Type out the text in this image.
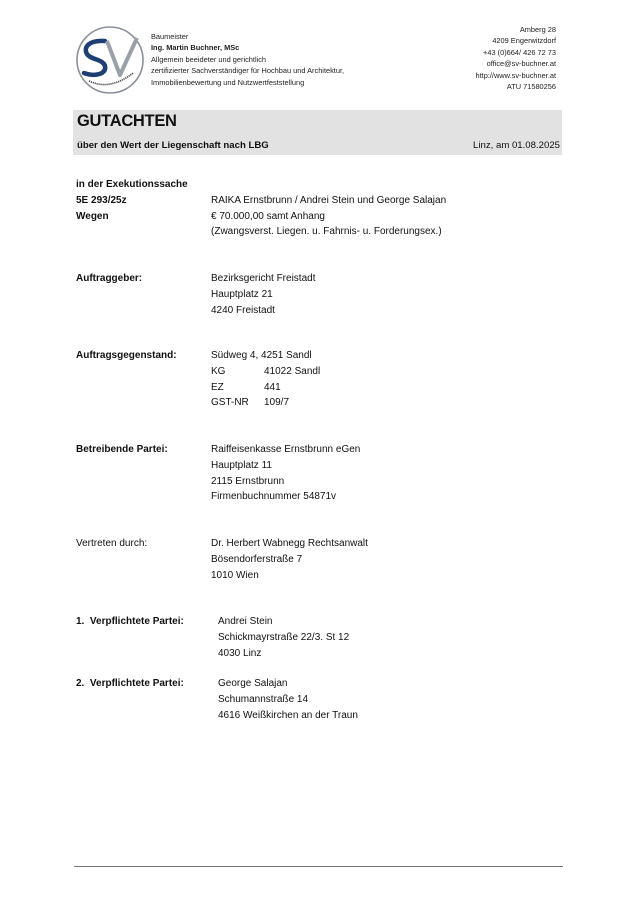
Baumeister
Ing. Martin Buchner, MSc
Allgemein beeideter und gerichtlich
zertifizierter Sachverständiger für Hochbau und Architektur,
Immobilienbewertung und Nutzwertfeststellung
Amberg 28
4209 Engerwitzdorf
+43 (0)664/ 426 72 73
office@sv-buchner.at
http://www.sv-buchner.at
ATU 71580256
GUTACHTEN
über den Wert der Liegenschaft nach LBG	Linz, am 01.08.2025
in der Exekutionssache
5E 293/25z	RAIKA Ernstbrunn / Andrei Stein und George Salajan
Wegen	€ 70.000,00 samt Anhang
(Zwangsverst. Liegen. u. Fahrnis- u. Forderungsex.)
Auftraggeber:	Bezirksgericht Freistadt
Hauptplatz 21
4240 Freistadt
Auftragsgegenstand:	Südweg 4, 4251 Sandl
KG	41022 Sandl
EZ	441
GST-NR	109/7
Betreibende Partei:	Raiffeisenkasse Ernstbrunn eGen
Hauptplatz 11
2115 Ernstbrunn
Firmenbuchnummer 54871v
Vertreten durch:	Dr. Herbert Wabnegg Rechtsanwalt
Bösendorferstraße 7
1010 Wien
1.  Verpflichtete Partei:	Andrei Stein
Schickmayrstraße 22/3. St 12
4030 Linz
2.  Verpflichtete Partei:	George Salajan
Schumannstraße 14
4616 Weißkirchen an der Traun
